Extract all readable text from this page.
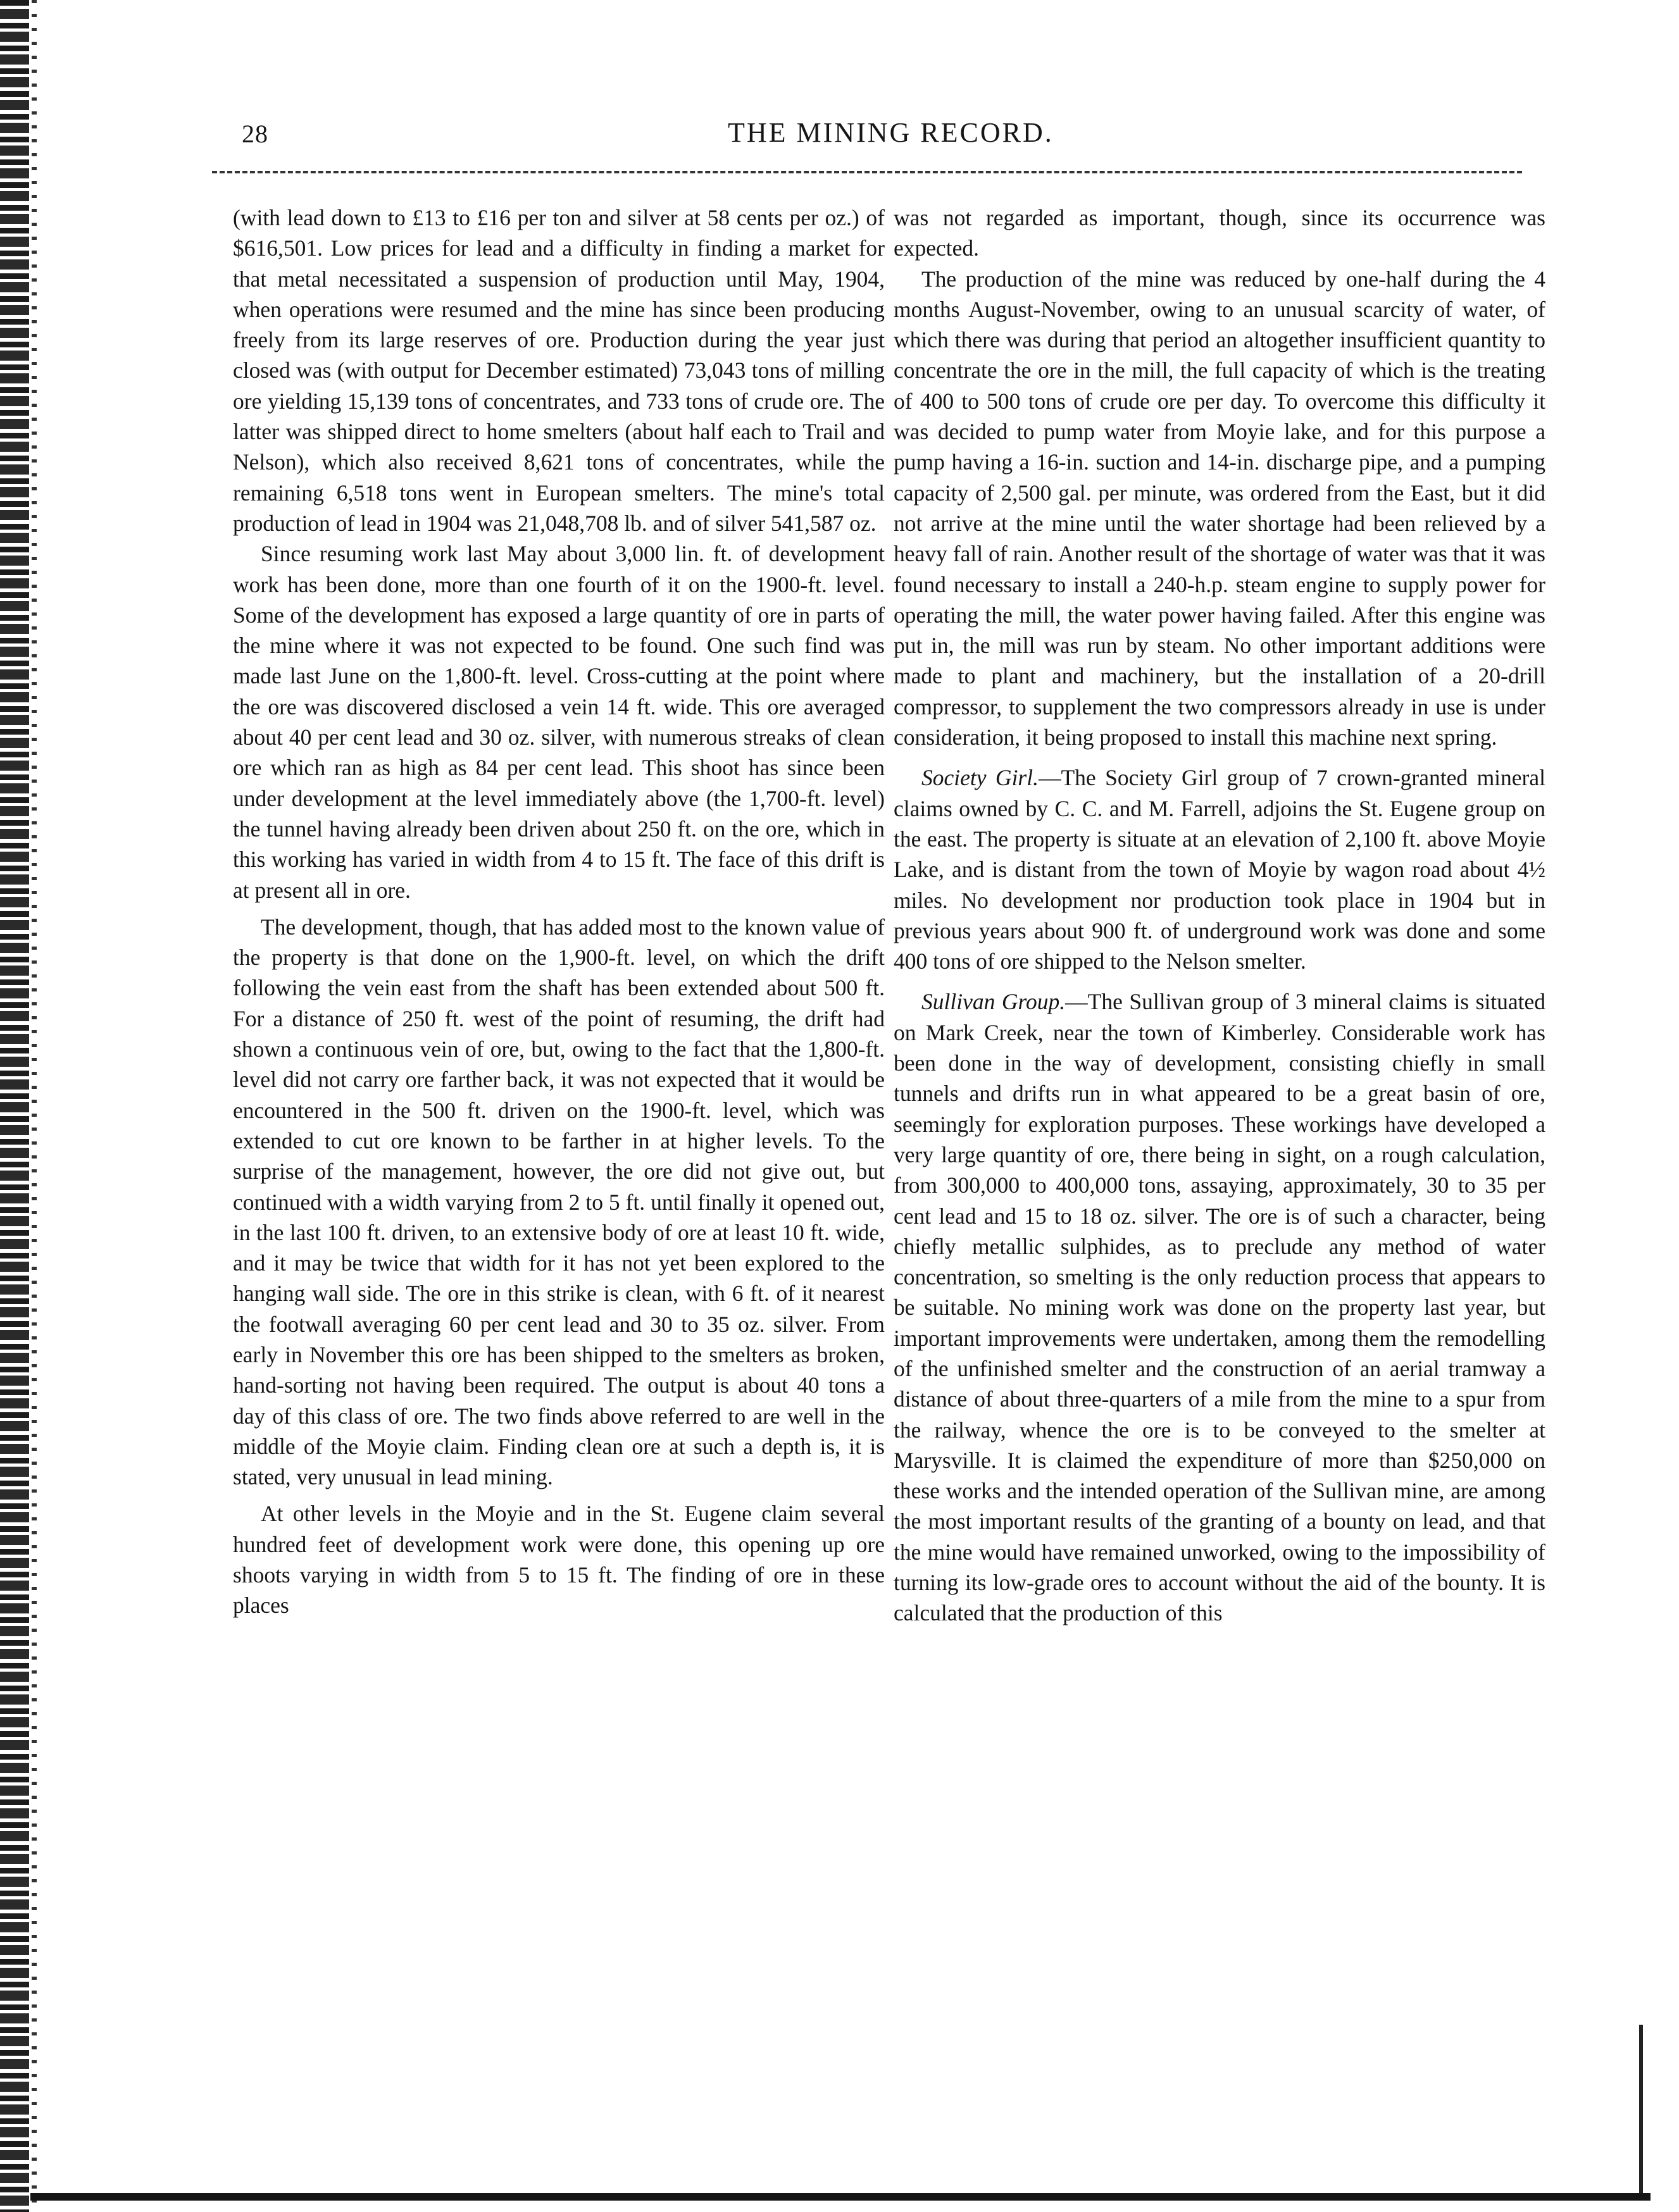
28	THE MINING RECORD.

(with lead down to £13 to £16 per ton and silver at 58 cents per oz.) of $616,501. Low prices for lead and a difficulty in finding a market for that metal necessitated a suspension of production until May, 1904, when operations were resumed and the mine has since been producing freely from its large reserves of ore. Production during the year just closed was (with output for December estimated) 73,043 tons of milling ore yielding 15,139 tons of concentrates, and 733 tons of crude ore. The latter was shipped direct to home smelters (about half each to Trail and Nelson), which also received 8,621 tons of concentrates, while the remaining 6,518 tons went in European smelters. The mine's total production of lead in 1904 was 21,048,708 lb. and of silver 541,587 oz.

Since resuming work last May about 3,000 lin. ft. of development work has been done, more than one fourth of it on the 1900-ft. level. Some of the development has exposed a large quantity of ore in parts of the mine where it was not expected to be found. One such find was made last June on the 1,800-ft. level. Cross-cutting at the point where the ore was discovered disclosed a vein 14 ft. wide. This ore averaged about 40 per cent lead and 30 oz. silver, with numerous streaks of clean ore which ran as high as 84 per cent lead. This shoot has since been under development at the level immediately above (the 1,700-ft. level) the tunnel having already been driven about 250 ft. on the ore, which in this working has varied in width from 4 to 15 ft. The face of this drift is at present all in ore.

The development, though, that has added most to the known value of the property is that done on the 1,900-ft. level, on which the drift following the vein east from the shaft has been extended about 500 ft. For a distance of 250 ft. west of the point of resuming, the drift had shown a continuous vein of ore, but, owing to the fact that the 1,800-ft. level did not carry ore farther back, it was not expected that it would be encountered in the 500 ft. driven on the 1900-ft. level, which was extended to cut ore known to be farther in at higher levels. To the surprise of the management, however, the ore did not give out, but continued with a width varying from 2 to 5 ft. until finally it opened out, in the last 100 ft. driven, to an extensive body of ore at least 10 ft. wide, and it may be twice that width for it has not yet been explored to the hanging wall side. The ore in this strike is clean, with 6 ft. of it nearest the footwall averaging 60 per cent lead and 30 to 35 oz. silver. From early in November this ore has been shipped to the smelters as broken, hand-sorting not having been required. The output is about 40 tons a day of this class of ore. The two finds above referred to are well in the middle of the Moyie claim. Finding clean ore at such a depth is, it is stated, very unusual in lead mining.

At other levels in the Moyie and in the St. Eugene claim several hundred feet of development work were done, this opening up ore shoots varying in width from 5 to 15 ft. The finding of ore in these places

was not regarded as important, though, since its occurrence was expected.

The production of the mine was reduced by one-half during the 4 months August-November, owing to an unusual scarcity of water, of which there was during that period an altogether insufficient quantity to concentrate the ore in the mill, the full capacity of which is the treating of 400 to 500 tons of crude ore per day. To overcome this difficulty it was decided to pump water from Moyie lake, and for this purpose a pump having a 16-in. suction and 14-in. discharge pipe, and a pumping capacity of 2,500 gal. per minute, was ordered from the East, but it did not arrive at the mine until the water shortage had been relieved by a heavy fall of rain. Another result of the shortage of water was that it was found necessary to install a 240-h.p. steam engine to supply power for operating the mill, the water power having failed. After this engine was put in, the mill was run by steam. No other important additions were made to plant and machinery, but the installation of a 20-drill compressor, to supplement the two compressors already in use is under consideration, it being proposed to install this machine next spring.

Society Girl.—The Society Girl group of 7 crown-granted mineral claims owned by C. C. and M. Farrell, adjoins the St. Eugene group on the east. The property is situate at an elevation of 2,100 ft. above Moyie Lake, and is distant from the town of Moyie by wagon road about 4½ miles. No development nor production took place in 1904 but in previous years about 900 ft. of underground work was done and some 400 tons of ore shipped to the Nelson smelter.

Sullivan Group.—The Sullivan group of 3 mineral claims is situated on Mark Creek, near the town of Kimberley. Considerable work has been done in the way of development, consisting chiefly in small tunnels and drifts run in what appeared to be a great basin of ore, seemingly for exploration purposes. These workings have developed a very large quantity of ore, there being in sight, on a rough calculation, from 300,000 to 400,000 tons, assaying, approximately, 30 to 35 per cent lead and 15 to 18 oz. silver. The ore is of such a character, being chiefly metallic sulphides, as to preclude any method of water concentration, so smelting is the only reduction process that appears to be suitable. No mining work was done on the property last year, but important improvements were undertaken, among them the remodelling of the unfinished smelter and the construction of an aerial tramway a distance of about three-quarters of a mile from the mine to a spur from the railway, whence the ore is to be conveyed to the smelter at Marysville. It is claimed the expenditure of more than $250,000 on these works and the intended operation of the Sullivan mine, are among the most important results of the granting of a bounty on lead, and that the mine would have remained unworked, owing to the impossibility of turning its low-grade ores to account without the aid of the bounty. It is calculated that the production of this
